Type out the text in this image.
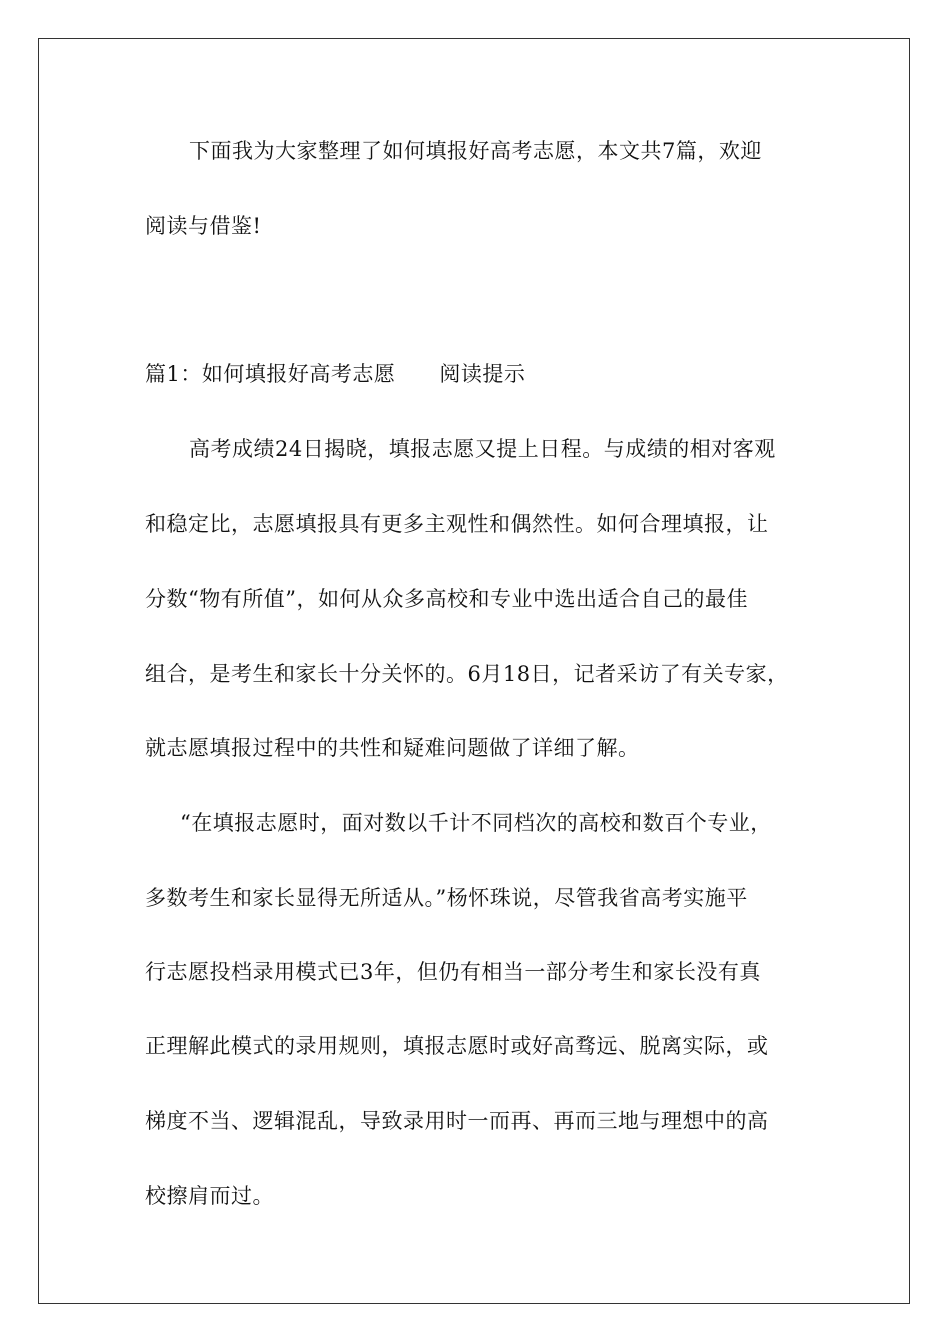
下面我为大家整理了如何填报好高考志愿，本文共7篇，欢迎
阅读与借鉴!
篇1：如何填报好高考志愿 阅读提示
高考成绩24日揭晓，填报志愿又提上日程。与成绩的相对客观
和稳定比，志愿填报具有更多主观性和偶然性。如何合理填报，让
分数“物有所值”，如何从众多高校和专业中选出适合自己的最佳
组合，是考生和家长十分关怀的。6月18日，记者采访了有关专家，
就志愿填报过程中的共性和疑难问题做了详细了解。
“在填报志愿时，面对数以千计不同档次的高校和数百个专业，
多数考生和家长显得无所适从。”杨怀珠说，尽管我省高考实施平
行志愿投档录用模式已3年，但仍有相当一部分考生和家长没有真
正理解此模式的录用规则，填报志愿时或好高骛远、脱离实际，或
梯度不当、逻辑混乱，导致录用时一而再、再而三地与理想中的高
校擦肩而过。
